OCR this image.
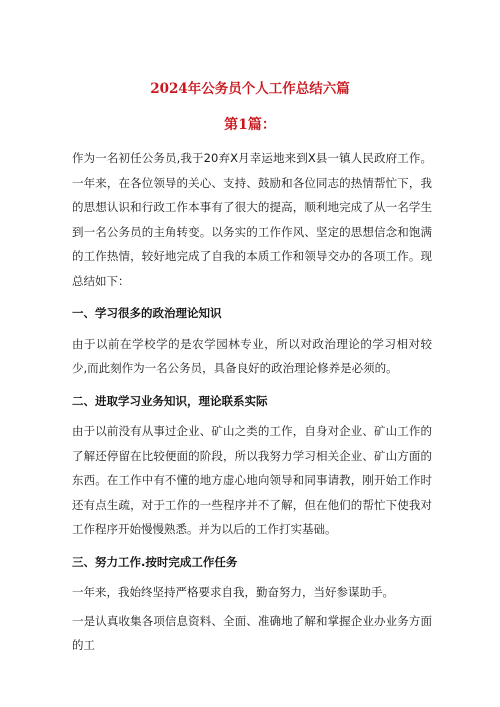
2024年公务员个人工作总结六篇
第1篇：

作为一名初任公务员,我于20弃X月幸运地来到X县一镇人民政府工作。一年来，在各位领导的关心、支持、鼓励和各位同志的热情帮忙下，我的思想认识和行政工作本事有了很大的提高，顺利地完成了从一名学生到一名公务员的主角转变。以务实的工作作风、坚定的思想信念和饱满的工作热情，较好地完成了自我的本质工作和领导交办的各项工作。现总结如下：

一、学习很多的政治理论知识

由于以前在学校学的是农学园林专业，所以对政治理论的学习相对较少,而此刻作为一名公务员，具备良好的政治理论修养是必须的。

二、进取学习业务知识，理论联系实际

由于以前没有从事过企业、矿山之类的工作，自身对企业、矿山工作的了解还停留在比较便面的阶段，所以我努力学习相关企业、矿山方面的东西。在工作中有不懂的地方虚心地向领导和同事请教，刚开始工作时还有点生疏，对于工作的一些程序并不了解，但在他们的帮忙下使我对工作程序开始慢慢熟悉。并为以后的工作打实基础。

三、努力工作.按时完成工作任务

一年来，我始终坚持严格要求自我，勤奋努力，当好参谋助手。

一是认真收集各项信息资料、全面、准确地了解和掌握企业办业务方面的工
